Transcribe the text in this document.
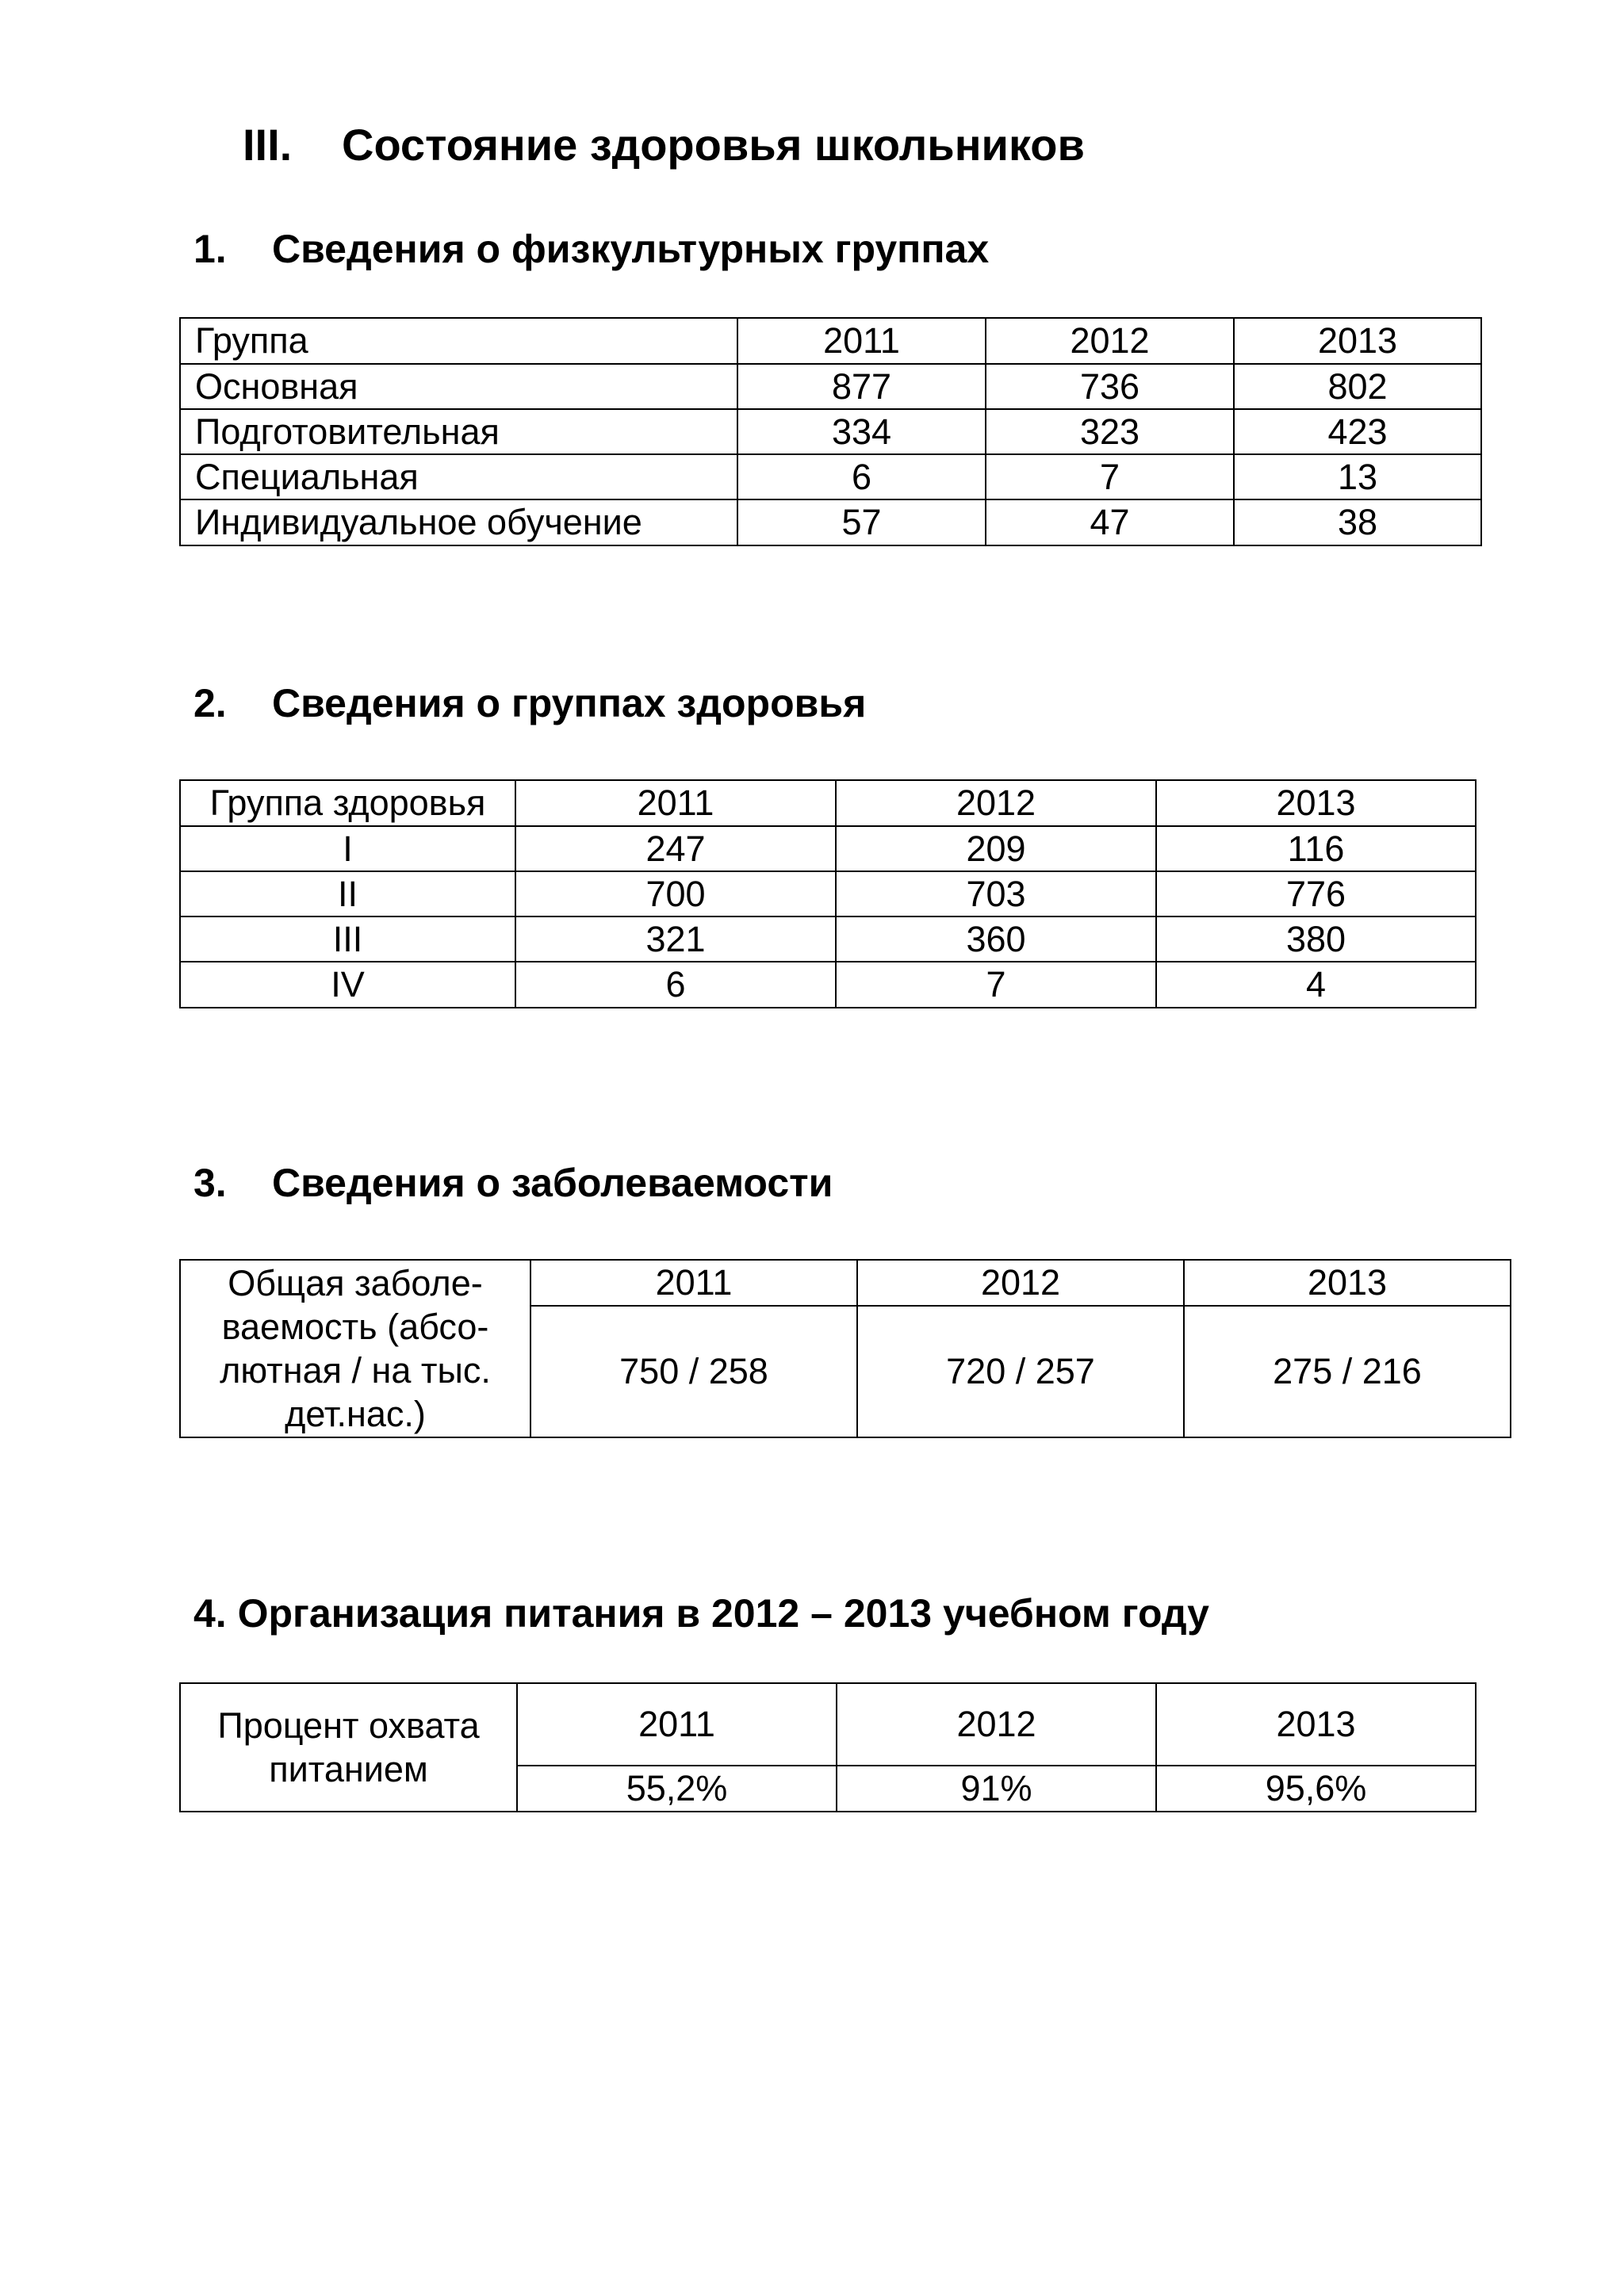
III. Состояние здоровья школьников
1. Сведения о физкультурных группах
Группа	2011	2012	2013
Основная	877	736	802
Подготовительная	334	323	423
Специальная	6	7	13
Индивидуальное обучение	57	47	38
2. Сведения о группах здоровья
Группа здоровья	2011	2012	2013
I	247	209	116
II	700	703	776
III	321	360	380
IV	6	7	4
3. Сведения о заболеваемости
Общая заболе-
ваемость (абсо-
лютная / на тыс.
дет.нас.)	2011	2012	2013
	750 / 258	720 / 257	275 / 216
4. Организация питания в 2012 – 2013 учебном году
Процент охвата
питанием	2011	2012	2013
	55,2%	91%	95,6%
